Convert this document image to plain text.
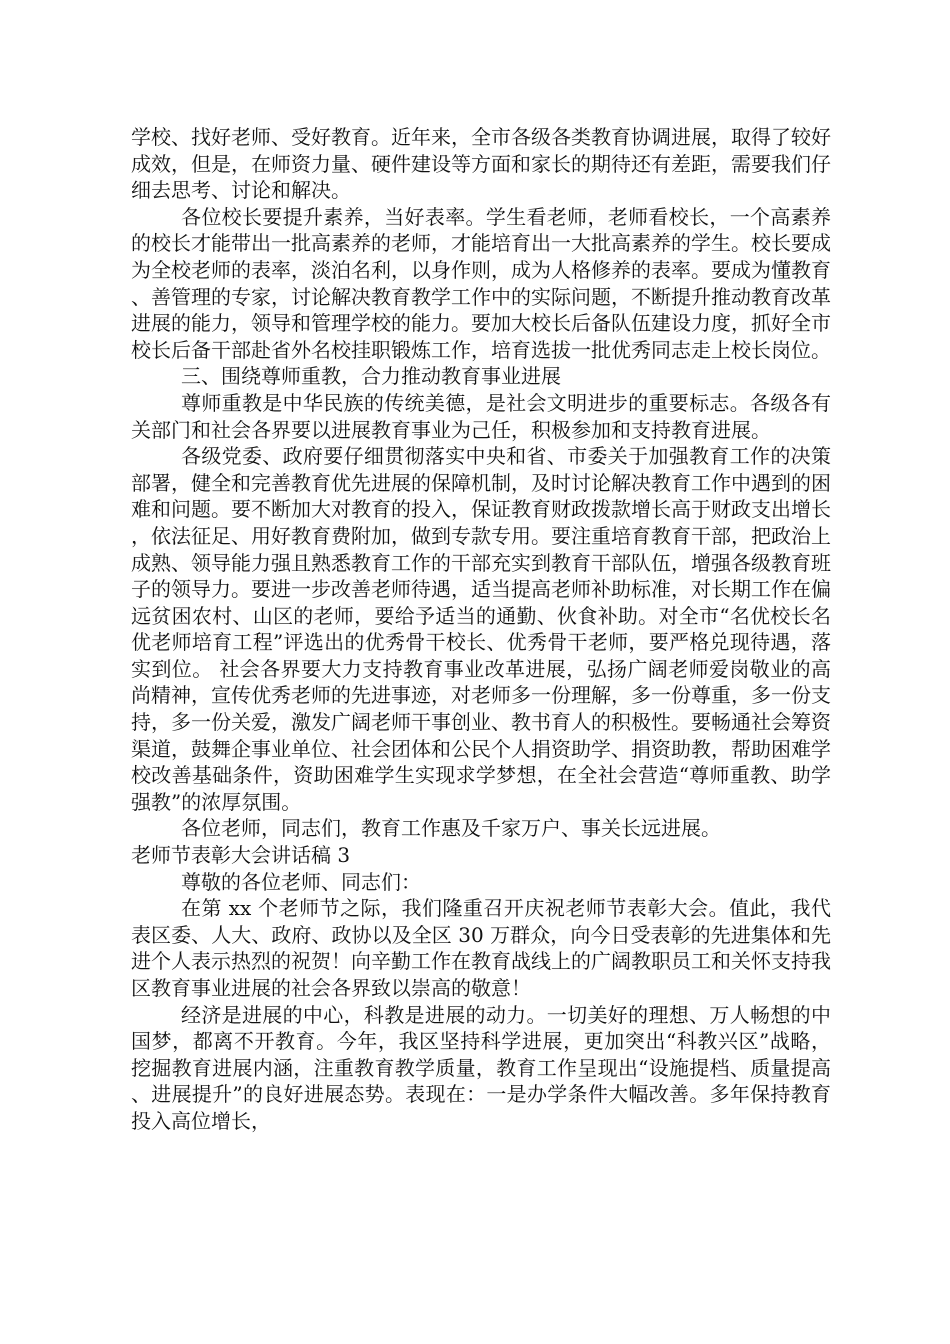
学校、找好老师、受好教育。近年来，全市各级各类教育协调进展，取得了较好成效，但是，在师资力量、硬件建设等方面和家长的期待还有差距，需要我们仔细去思考、讨论和解决。

各位校长要提升素养，当好表率。学生看老师，老师看校长，一个高素养的校长才能带出一批高素养的老师，才能培育出一大批高素养的学生。校长要成为全校老师的表率，淡泊名利，以身作则，成为人格修养的表率。要成为懂教育、善管理的专家，讨论解决教育教学工作中的实际问题，不断提升推动教育改革进展的能力，领导和管理学校的能力。要加大校长后备队伍建设力度，抓好全市校长后备干部赴省外名校挂职锻炼工作，培育选拔一批优秀同志走上校长岗位。

三、围绕尊师重教，合力推动教育事业进展

尊师重教是中华民族的传统美德，是社会文明进步的重要标志。各级各有关部门和社会各界要以进展教育事业为己任，积极参加和支持教育进展。

各级党委、政府要仔细贯彻落实中央和省、市委关于加强教育工作的决策部署，健全和完善教育优先进展的保障机制，及时讨论解决教育工作中遇到的困难和问题。要不断加大对教育的投入，保证教育财政拨款增长高于财政支出增长，依法征足、用好教育费附加，做到专款专用。要注重培育教育干部，把政治上成熟、领导能力强且熟悉教育工作的干部充实到教育干部队伍，增强各级教育班子的领导力。要进一步改善老师待遇，适当提高老师补助标准，对长期工作在偏远贫困农村、山区的老师，要给予适当的通勤、伙食补助。对全市“名优校长名优老师培育工程”评选出的优秀骨干校长、优秀骨干老师，要严格兑现待遇，落实到位。 社会各界要大力支持教育事业改革进展，弘扬广阔老师爱岗敬业的高尚精神，宣传优秀老师的先进事迹，对老师多一份理解，多一份尊重，多一份支持，多一份关爱，激发广阔老师干事创业、教书育人的积极性。要畅通社会筹资渠道，鼓舞企事业单位、社会团体和公民个人捐资助学、捐资助教，帮助困难学校改善基础条件，资助困难学生实现求学梦想，在全社会营造“尊师重教、助学强教”的浓厚氛围。

各位老师，同志们，教育工作惠及千家万户、事关长远进展。

老师节表彰大会讲话稿 3

尊敬的各位老师、同志们：

在第 xx 个老师节之际，我们隆重召开庆祝老师节表彰大会。值此，我代表区委、人大、政府、政协以及全区 30 万群众，向今日受表彰的先进集体和先进个人表示热烈的祝贺！向辛勤工作在教育战线上的广阔教职员工和关怀支持我区教育事业进展的社会各界致以崇高的敬意！

经济是进展的中心，科教是进展的动力。一切美好的理想、万人畅想的中国梦，都离不开教育。今年，我区坚持科学进展，更加突出“科教兴区”战略，挖掘教育进展内涵，注重教育教学质量，教育工作呈现出“设施提档、质量提高、进展提升”的良好进展态势。表现在：一是办学条件大幅改善。多年保持教育投入高位增长，
